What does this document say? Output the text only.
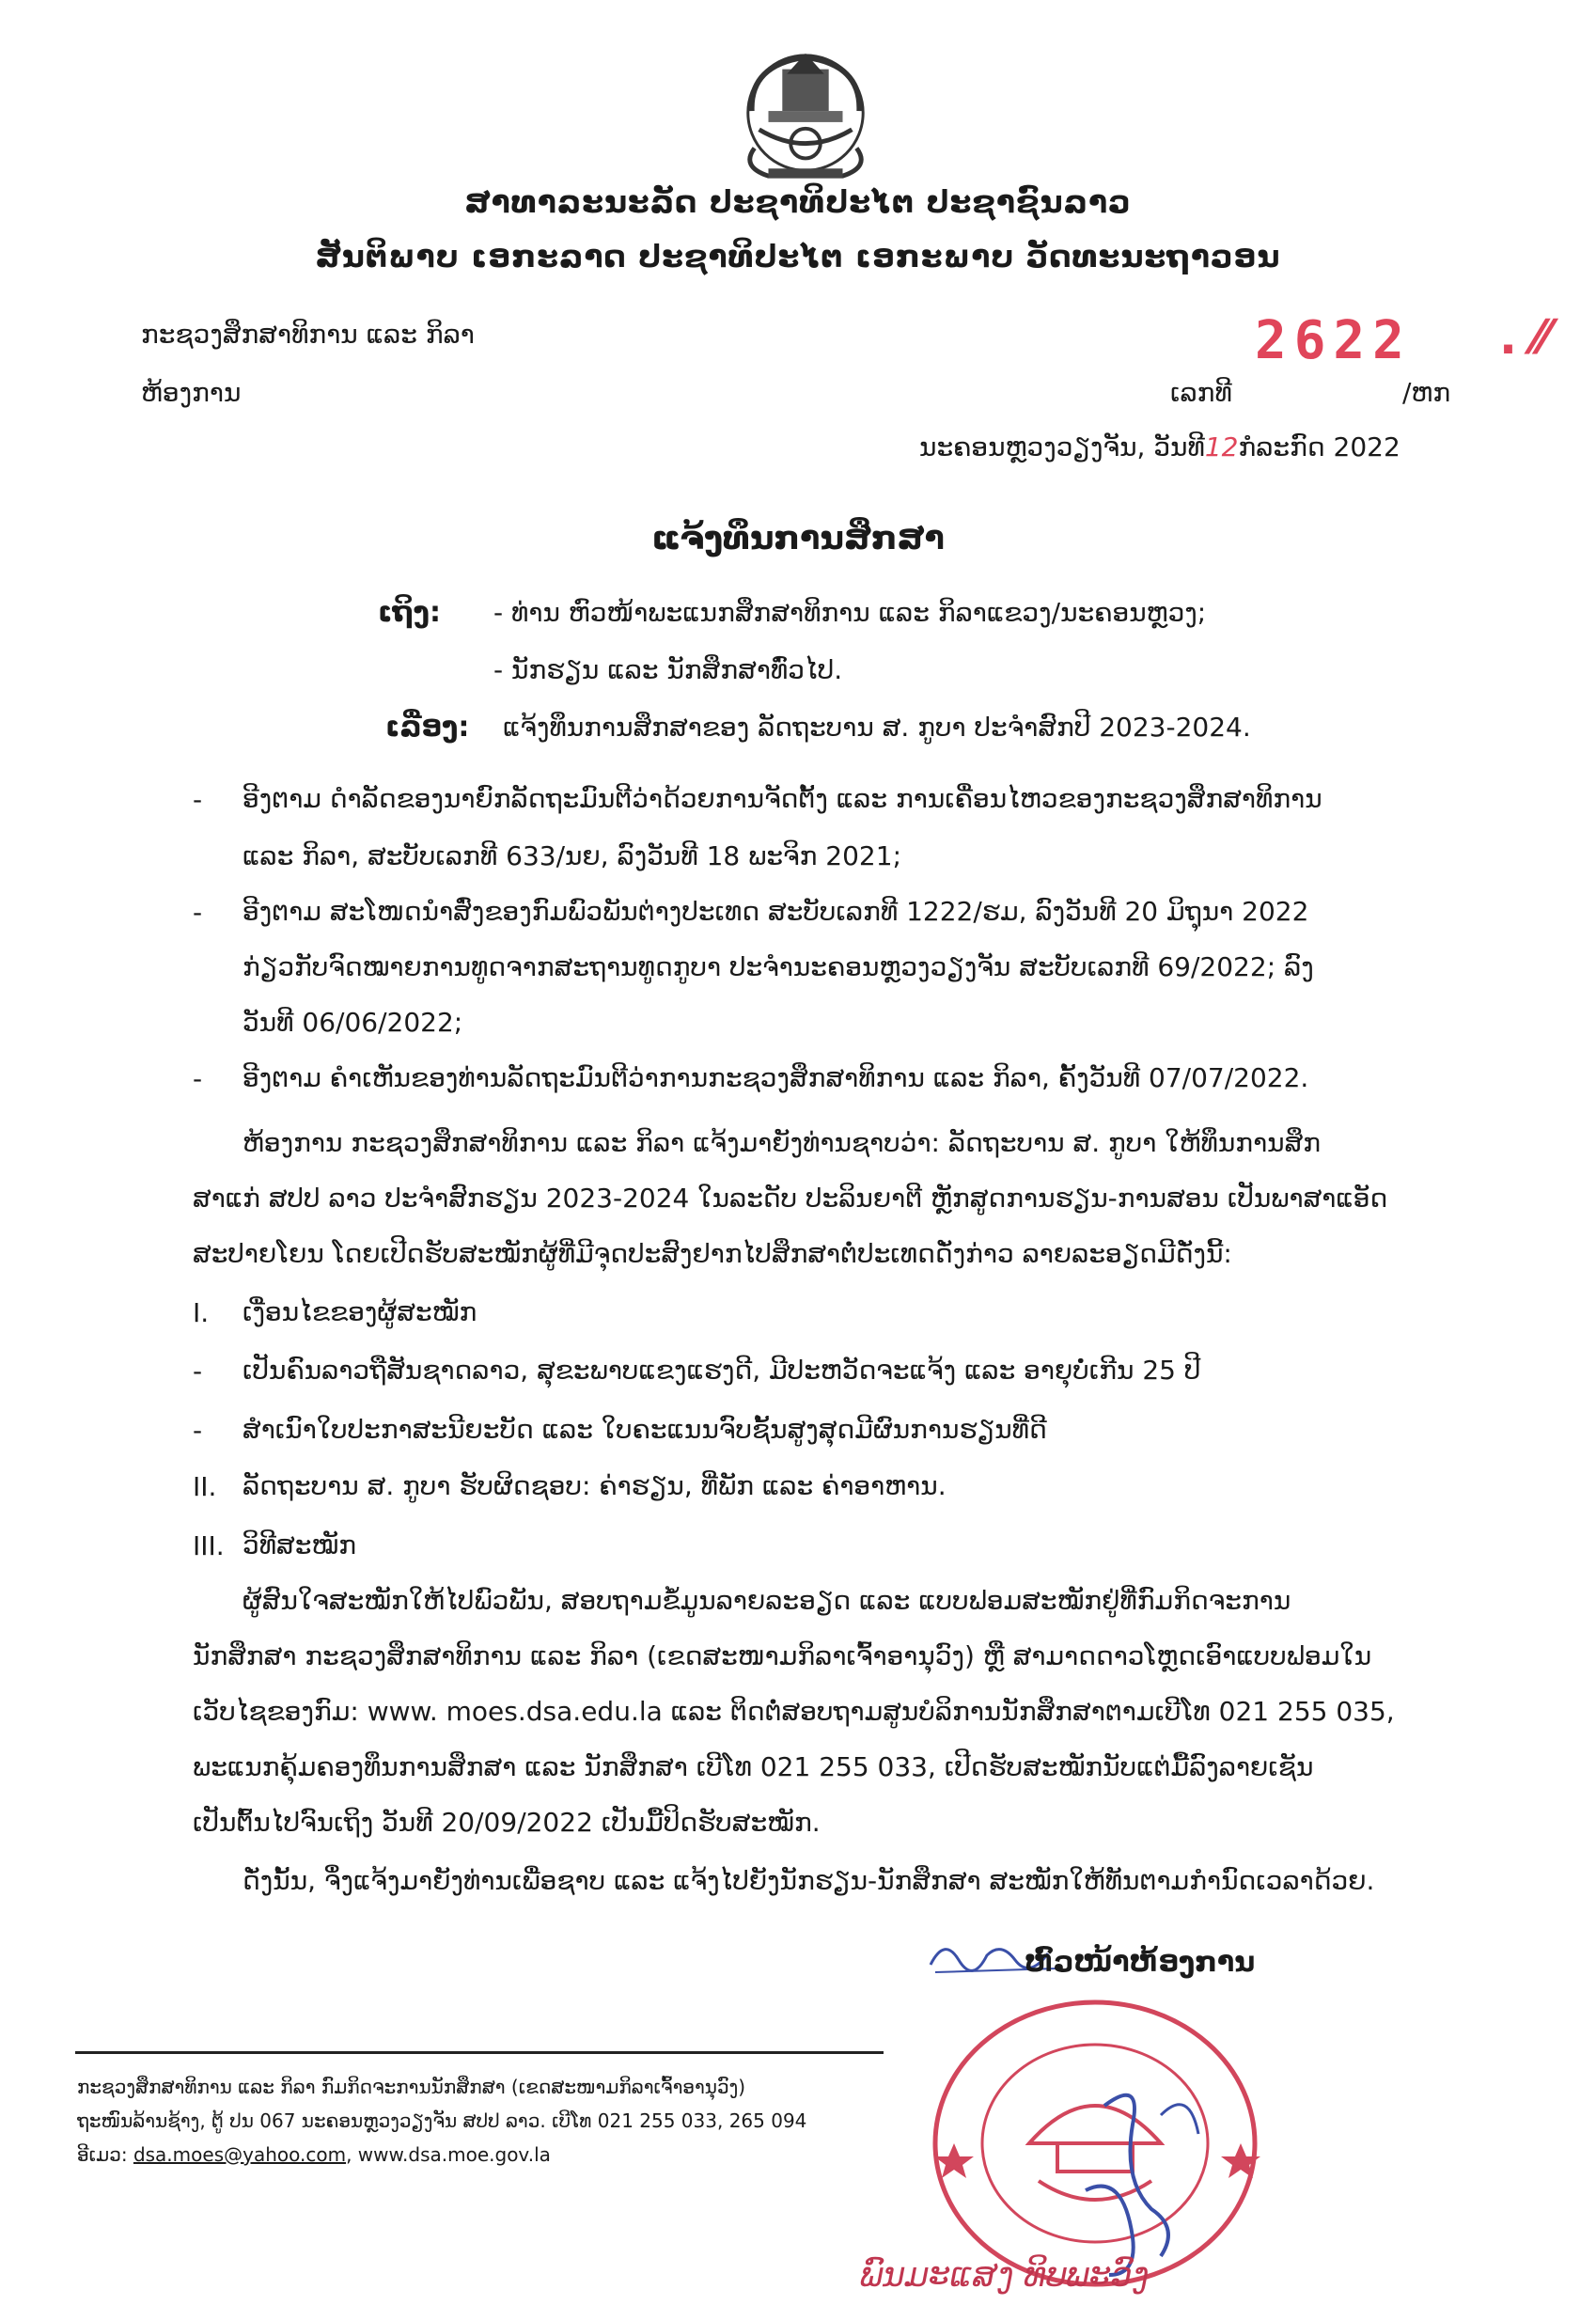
ສາທາລະນະລັດ ປະຊາທິປະໄຕ ປະຊາຊົນລາວ
ສັນຕິພາບ ເອກະລາດ ປະຊາທິປະໄຕ ເອກະພາບ ວັດທະນະຖາວອນ
ກະຊວງສຶກສາທິການ ແລະ ກິລາ
ຫ້ອງການ
2622 . ⁄⁄
ເລກທີ	/ຫກ
ນະຄອນຫຼວງວຽງຈັນ, ວັນທີ12ກໍລະກົດ 2022
ແຈ້ງທຶນການສຶກສາ
ເຖິງ: - ທ່ານ ຫົວໜ້າພະແນກສຶກສາທິການ ແລະ ກິລາແຂວງ/ນະຄອນຫຼວງ;
- ນັກຮຽນ ແລະ ນັກສຶກສາທົ່ວໄປ.
ເລື່ອງ: ແຈ້ງທຶນການສຶກສາຂອງ ລັດຖະບານ ສ. ກູບາ ປະຈໍາສົກປີ 2023-2024.
- ອີງຕາມ ດໍາລັດຂອງນາຍົກລັດຖະມົນຕີວ່າດ້ວຍການຈັດຕັ້ງ ແລະ ການເຄື່ອນໄຫວຂອງກະຊວງສຶກສາທິການ
ແລະ ກິລາ, ສະບັບເລກທີ 633/ນຍ, ລົງວັນທີ 18 ພະຈິກ 2021;
- ອີງຕາມ ສະໂໜດນໍາສົ່ງຂອງກົມພົວພັນຕ່າງປະເທດ ສະບັບເລກທີ 1222/ຮມ, ລົງວັນທີ 20 ມິຖຸນາ 2022
ກ່ຽວກັບຈົດໝາຍການທູດຈາກສະຖານທູດກູບາ ປະຈໍານະຄອນຫຼວງວຽງຈັນ ສະບັບເລກທີ 69/2022; ລົງ
ວັນທີ 06/06/2022;
- ອີງຕາມ ຄໍາເຫັນຂອງທ່ານລັດຖະມົນຕີວ່າການກະຊວງສຶກສາທິການ ແລະ ກິລາ, ຄັ້ງວັນທີ 07/07/2022.
ຫ້ອງການ ກະຊວງສຶກສາທິການ ແລະ ກິລາ ແຈ້ງມາຍັງທ່ານຊາບວ່າ: ລັດຖະບານ ສ. ກູບາ ໃຫ້ທຶນການສຶກ
ສາແກ່ ສປປ ລາວ ປະຈໍາສົກຮຽນ 2023-2024 ໃນລະດັບ ປະລິນຍາຕີ ຫຼັກສູດການຮຽນ-ການສອນ ເປັນພາສາແອັດ
ສະປາຍໂຍນ ໂດຍເປີດຮັບສະໝັກຜູ້ທີ່ມີຈຸດປະສົງຢາກໄປສຶກສາຕໍ່ປະເທດດັ່ງກ່າວ ລາຍລະອຽດມີດັ່ງນີ້:
I. ເງື່ອນໄຂຂອງຜູ້ສະໝັກ
- ເປັນຄົນລາວຖືສັນຊາດລາວ, ສຸຂະພາບແຂງແຮງດີ, ມີປະຫວັດຈະແຈ້ງ ແລະ ອາຍຸບໍ່ເກີນ 25 ປີ
- ສໍາເນົາໃບປະກາສະນີຍະບັດ ແລະ ໃບຄະແນນຈົບຊັ້ນສູງສຸດມີຜົນການຮຽນທີ່ດີ
II. ລັດຖະບານ ສ. ກູບາ ຮັບຜິດຊອບ: ຄ່າຮຽນ, ທີ່ພັກ ແລະ ຄ່າອາຫານ.
III. ວິທີສະໝັກ
ຜູ້ສົນໃຈສະໝັກໃຫ້ໄປພົວພັນ, ສອບຖາມຂໍ້ມູນລາຍລະອຽດ ແລະ ແບບຟອມສະໝັກຢູ່ທີ່ກົມກິດຈະການ
ນັກສຶກສາ ກະຊວງສຶກສາທິການ ແລະ ກິລາ (ເຂດສະໜາມກິລາເຈົ້າອານຸວົງ) ຫຼື ສາມາດດາວໂຫຼດເອົາແບບຟອມໃນ
ເວັບໄຊຂອງກົມ: www. moes.dsa.edu.la ແລະ ຕິດຕໍ່ສອບຖາມສູນບໍລິການນັກສຶກສາຕາມເບີໂທ 021 255 035,
ພະແນກຄຸ້ມຄອງທຶນການສຶກສາ ແລະ ນັກສຶກສາ ເບີໂທ 021 255 033, ເປີດຮັບສະໝັກນັບແຕ່ມື້ລົງລາຍເຊັນ
ເປັນຕົ້ນໄປຈົນເຖິງ ວັນທີ 20/09/2022 ເປັນມື້ປິດຮັບສະໝັກ.
ດັ່ງນັ້ນ, ຈຶ່ງແຈ້ງມາຍັງທ່ານເພື່ອຊາບ ແລະ ແຈ້ງໄປຍັງນັກຮຽນ-ນັກສຶກສາ ສະໝັກໃຫ້ທັນຕາມກໍານົດເວລາດ້ວຍ.
ຫົວໜ້າຫ້ອງການ
ພົນມະແສງ ທິບພະວົງ
ກະຊວງສຶກສາທິການ ແລະ ກິລາ ກົມກິດຈະການນັກສຶກສາ (ເຂດສະໜາມກິລາເຈົ້າອານຸວົງ)
ຖະໜົນລ້ານຊ້າງ, ຕູ້ ປນ 067 ນະຄອນຫຼວງວຽງຈັນ ສປປ ລາວ. ເບີໂທ 021 255 033, 265 094
ອີເມວ: dsa.moes@yahoo.com, www.dsa.moe.gov.la
